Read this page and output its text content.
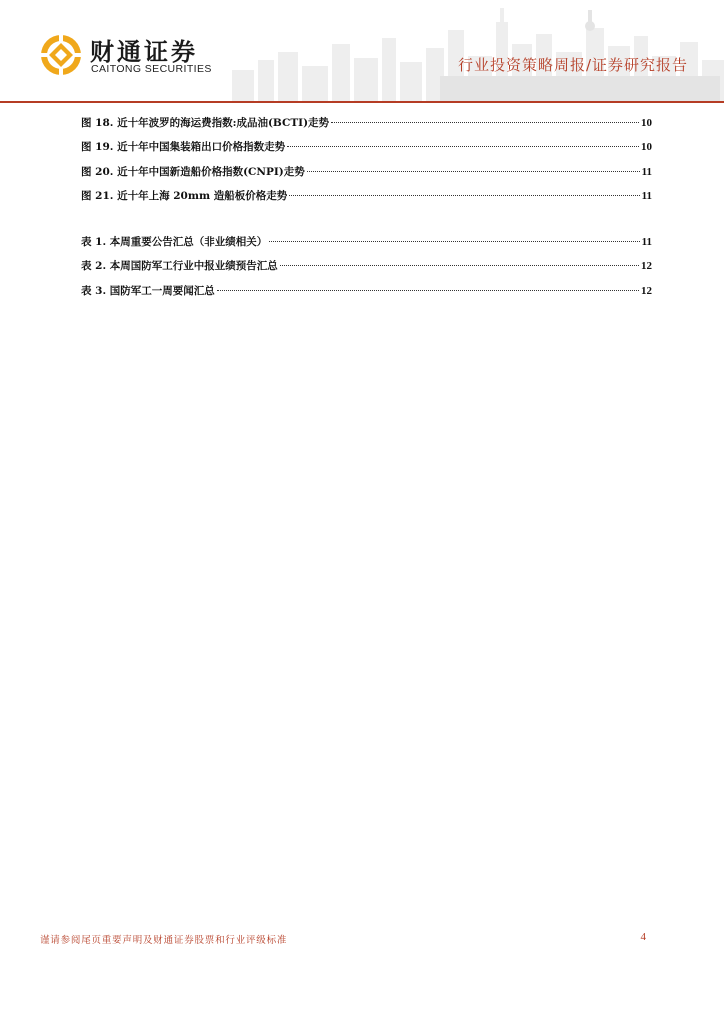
财通证券
CAITONG SECURITIES	行业投资策略周报/证券研究报告
图 18. 近十年波罗的海运费指数:成品油(BCTI)走势	10
图 19. 近十年中国集装箱出口价格指数走势	10
图 20. 近十年中国新造船价格指数(CNPI)走势	11
图 21. 近十年上海 20mm 造船板价格走势	11
表 1. 本周重要公告汇总（非业绩相关）	11
表 2. 本周国防军工行业中报业绩预告汇总	12
表 3. 国防军工一周要闻汇总	12
谨请参阅尾页重要声明及财通证券股票和行业评级标准	4
